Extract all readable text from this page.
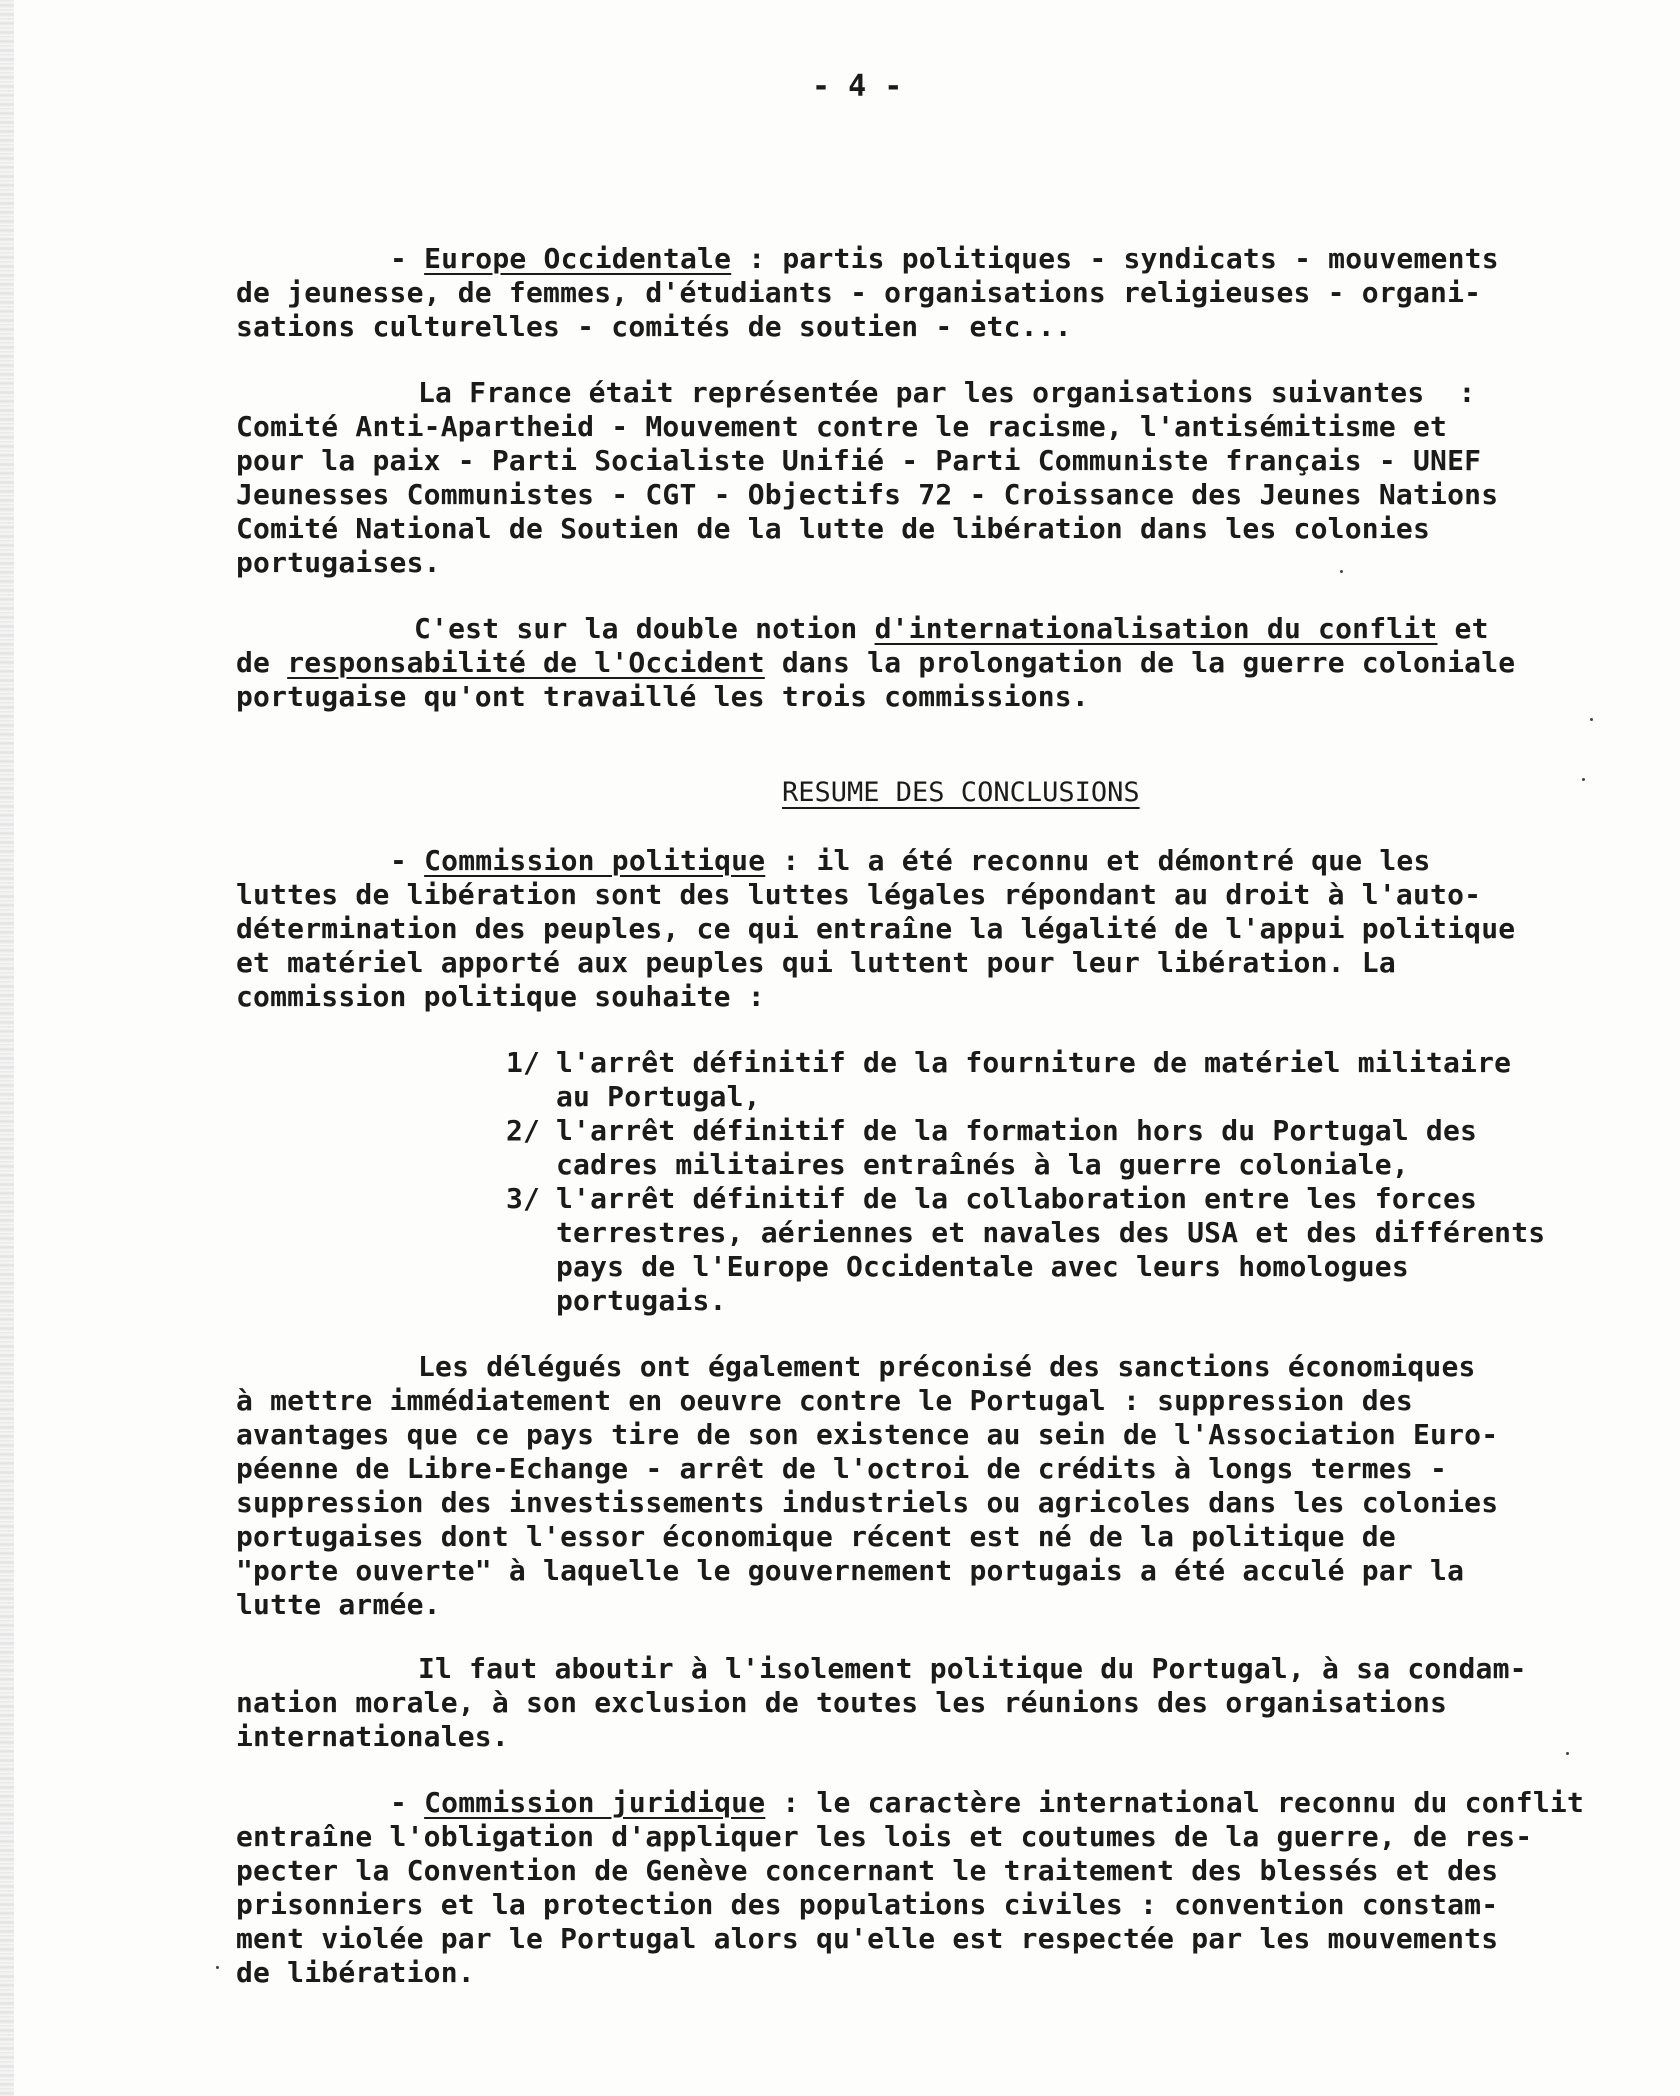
- 4 -
- Europe Occidentale : partis politiques - syndicats - mouvements
de jeunesse, de femmes, d'étudiants - organisations religieuses - organi-
sations culturelles - comités de soutien - etc...
La France était représentée par les organisations suivantes  :
Comité Anti-Apartheid - Mouvement contre le racisme, l'antisémitisme et
pour la paix - Parti Socialiste Unifié - Parti Communiste français - UNEF
Jeunesses Communistes - CGT - Objectifs 72 - Croissance des Jeunes Nations
Comité National de Soutien de la lutte de libération dans les colonies
portugaises.
C'est sur la double notion d'internationalisation du conflit et
de responsabilité de l'Occident dans la prolongation de la guerre coloniale
portugaise qu'ont travaillé les trois commissions.
RESUME DES CONCLUSIONS
- Commission politique : il a été reconnu et démontré que les
luttes de libération sont des luttes légales répondant au droit à l'auto-
détermination des peuples, ce qui entraîne la légalité de l'appui politique
et matériel apporté aux peuples qui luttent pour leur libération. La
commission politique souhaite :
1/ l'arrêt définitif de la fourniture de matériel militaire
au Portugal,
2/ l'arrêt définitif de la formation hors du Portugal des
cadres militaires entraînés à la guerre coloniale,
3/ l'arrêt définitif de la collaboration entre les forces
terrestres, aériennes et navales des USA et des différents
pays de l'Europe Occidentale avec leurs homologues
portugais.
Les délégués ont également préconisé des sanctions économiques
à mettre immédiatement en oeuvre contre le Portugal : suppression des
avantages que ce pays tire de son existence au sein de l'Association Euro-
péenne de Libre-Echange - arrêt de l'octroi de crédits à longs termes -
suppression des investissements industriels ou agricoles dans les colonies
portugaises dont l'essor économique récent est né de la politique de
"porte ouverte" à laquelle le gouvernement portugais a été acculé par la
lutte armée.
Il faut aboutir à l'isolement politique du Portugal, à sa condam-
nation morale, à son exclusion de toutes les réunions des organisations
internationales.
- Commission juridique : le caractère international reconnu du conflit
entraîne l'obligation d'appliquer les lois et coutumes de la guerre, de res-
pecter la Convention de Genève concernant le traitement des blessés et des
prisonniers et la protection des populations civiles : convention constam-
ment violée par le Portugal alors qu'elle est respectée par les mouvements
de libération.
